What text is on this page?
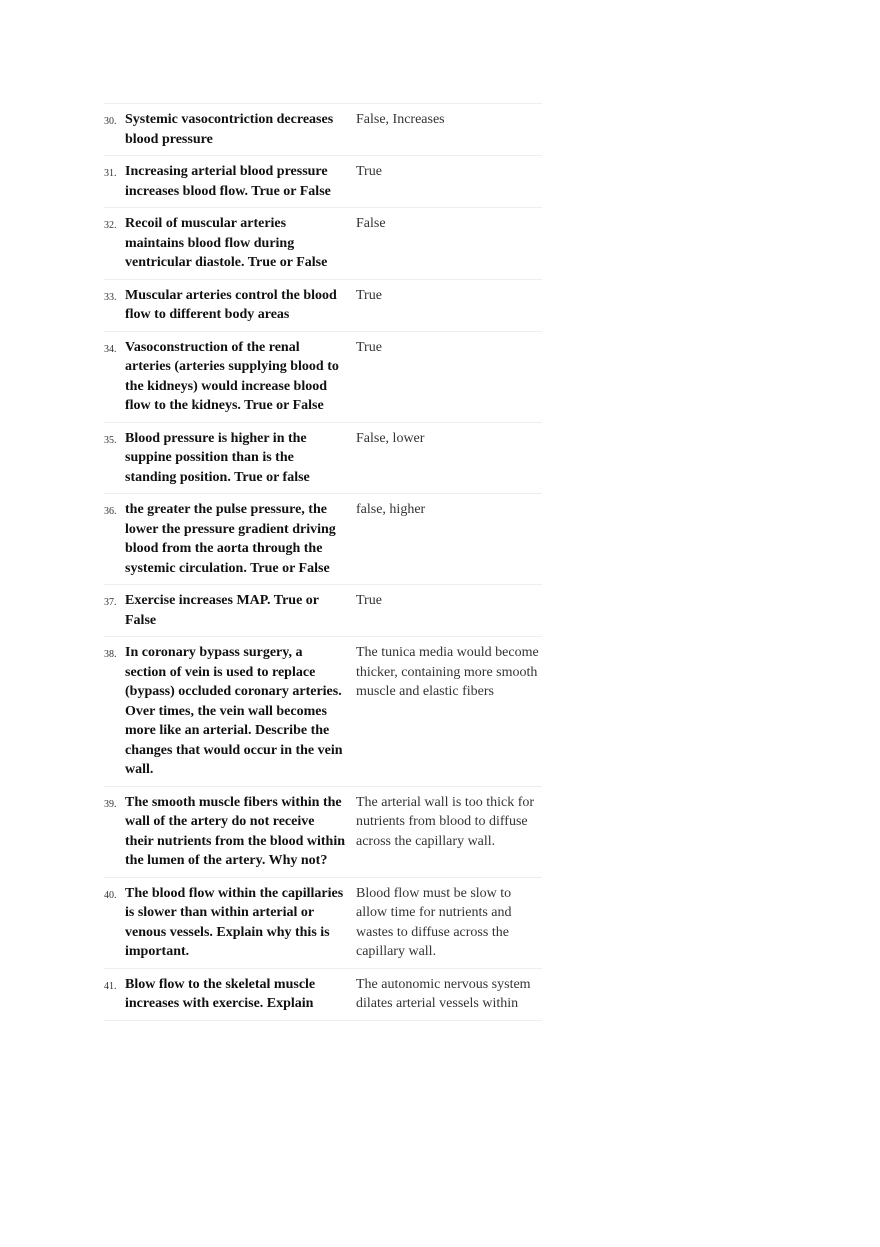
30. Systemic vasocontriction decreases blood pressure
False, Increases
31. Increasing arterial blood pressure increases blood flow. True or False
True
32. Recoil of muscular arteries maintains blood flow during ventricular diastole. True or False
False
33. Muscular arteries control the blood flow to different body areas
True
34. Vasoconstruction of the renal arteries (arteries supplying blood to the kidneys) would increase blood flow to the kidneys. True or False
True
35. Blood pressure is higher in the suppine possition than is the standing position. True or false
False, lower
36. the greater the pulse pressure, the lower the pressure gradient driving blood from the aorta through the systemic circulation. True or False
false, higher
37. Exercise increases MAP. True or False
True
38. In coronary bypass surgery, a section of vein is used to replace (bypass) occluded coronary arteries. Over times, the vein wall becomes more like an arterial. Describe the changes that would occur in the vein wall.
The tunica media would become thicker, containing more smooth muscle and elastic fibers
39. The smooth muscle fibers within the wall of the artery do not receive their nutrients from the blood within the lumen of the artery. Why not?
The arterial wall is too thick for nutrients from blood to diffuse across the capillary wall.
40. The blood flow within the capillaries is slower than within arterial or venous vessels. Explain why this is important.
Blood flow must be slow to allow time for nutrients and wastes to diffuse across the capillary wall.
41. Blow flow to the skeletal muscle increases with exercise. Explain
The autonomic nervous system dilates arterial vessels within
